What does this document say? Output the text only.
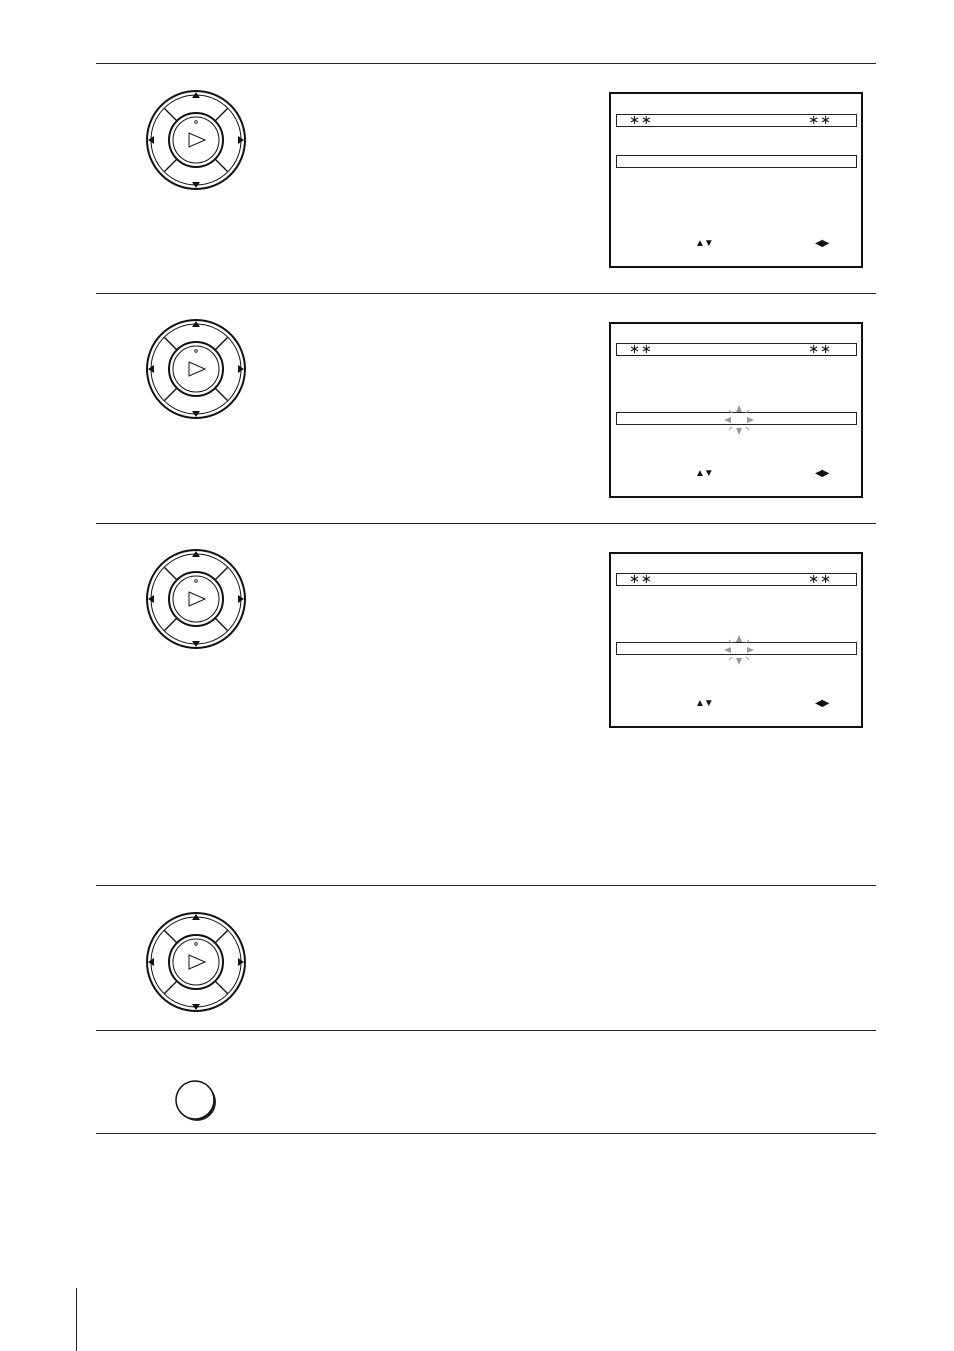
∗∗	∗∗
▲▼	◀▶
∗∗	∗∗
▲▼	◀▶
∗∗	∗∗
▲▼	◀▶
